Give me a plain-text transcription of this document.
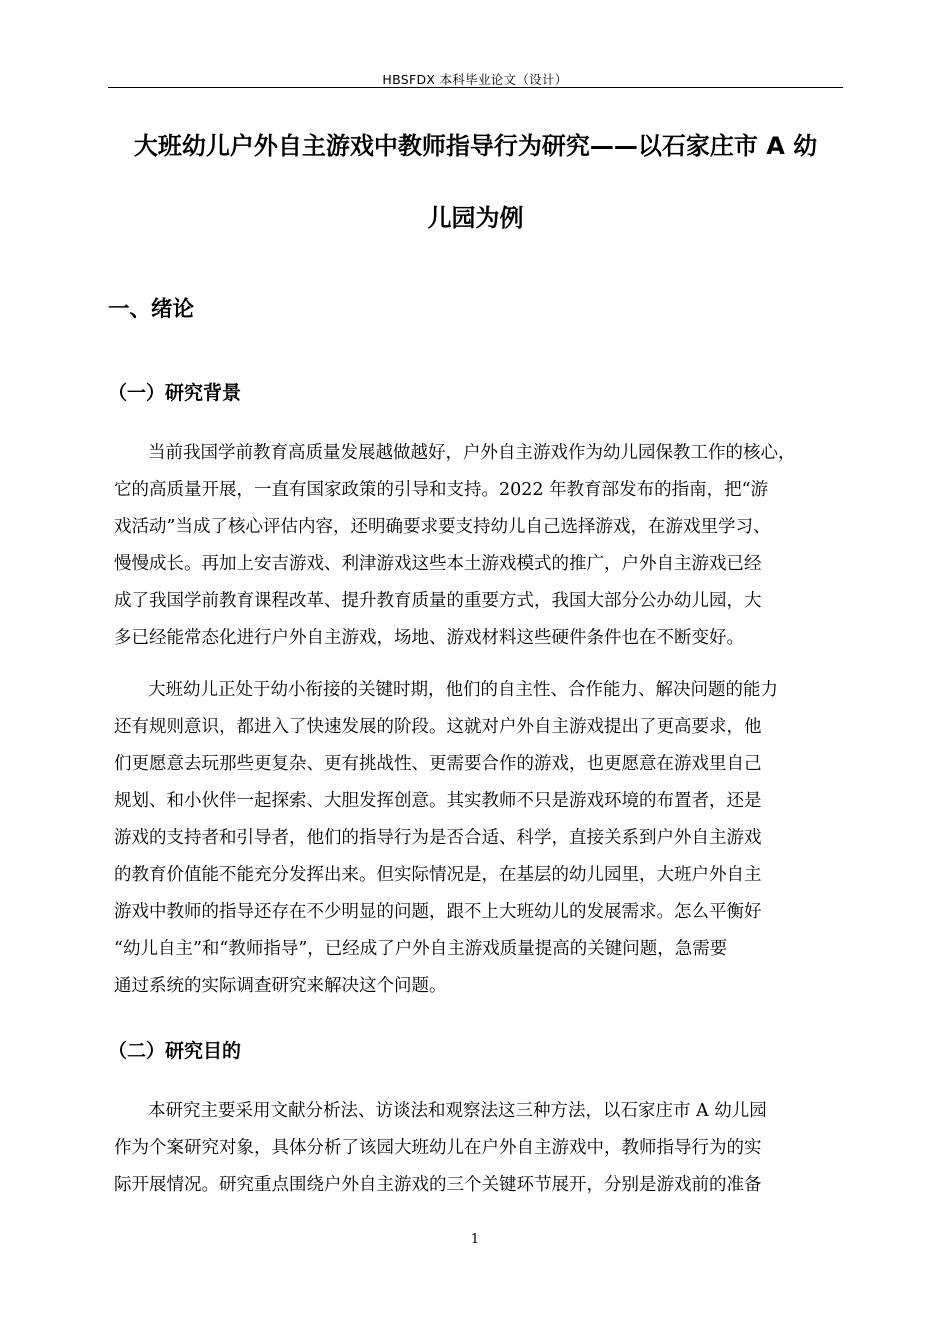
HBSFDX 本科毕业论文（设计）
大班幼儿户外自主游戏中教师指导行为研究——以石家庄市 A 幼
儿园为例
一、绪论
（一）研究背景
当前我国学前教育高质量发展越做越好，户外自主游戏作为幼儿园保教工作的核心，
它的高质量开展，一直有国家政策的引导和支持。2022 年教育部发布的指南，把“游
戏活动”当成了核心评估内容，还明确要求要支持幼儿自己选择游戏，在游戏里学习、
慢慢成长。再加上安吉游戏、利津游戏这些本土游戏模式的推广，户外自主游戏已经
成了我国学前教育课程改革、提升教育质量的重要方式，我国大部分公办幼儿园，大
多已经能常态化进行户外自主游戏，场地、游戏材料这些硬件条件也在不断变好。
大班幼儿正处于幼小衔接的关键时期，他们的自主性、合作能力、解决问题的能力
还有规则意识，都进入了快速发展的阶段。这就对户外自主游戏提出了更高要求，他
们更愿意去玩那些更复杂、更有挑战性、更需要合作的游戏，也更愿意在游戏里自己
规划、和小伙伴一起探索、大胆发挥创意。其实教师不只是游戏环境的布置者，还是
游戏的支持者和引导者，他们的指导行为是否合适、科学，直接关系到户外自主游戏
的教育价值能不能充分发挥出来。但实际情况是，在基层的幼儿园里，大班户外自主
游戏中教师的指导还存在不少明显的问题，跟不上大班幼儿的发展需求。怎么平衡好
“幼儿自主”和“教师指导”，已经成了户外自主游戏质量提高的关键问题，急需要
通过系统的实际调查研究来解决这个问题。
（二）研究目的
本研究主要采用文献分析法、访谈法和观察法这三种方法，以石家庄市 A 幼儿园
作为个案研究对象，具体分析了该园大班幼儿在户外自主游戏中，教师指导行为的实
际开展情况。研究重点围绕户外自主游戏的三个关键环节展开，分别是游戏前的准备
1
